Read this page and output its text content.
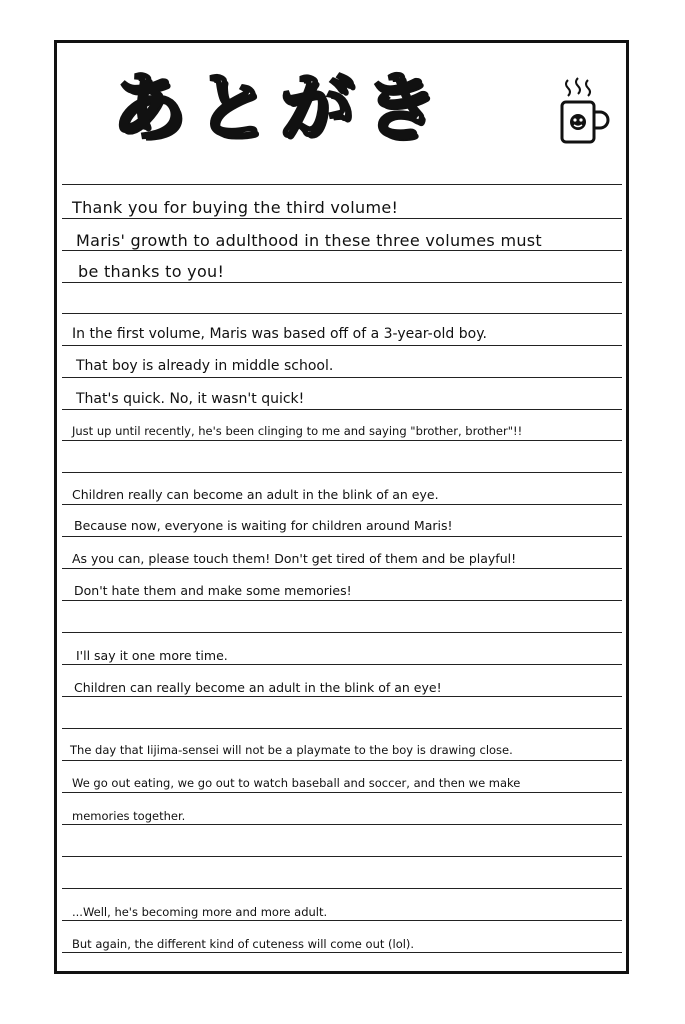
あとがき
Thank you for buying the third volume!
Maris' growth to adulthood in these three volumes must
be thanks to you!
In the first volume, Maris was based off of a 3-year-old boy.
That boy is already in middle school.
That's quick. No, it wasn't quick!
Just up until recently, he's been clinging to me and saying "brother, brother"!!
Children really can become an adult in the blink of an eye.
Because now, everyone is waiting for children around Maris!
As you can, please touch them! Don't get tired of them and be playful!
Don't hate them and make some memories!
I'll say it one more time.
Children can really become an adult in the blink of an eye!
The day that Iijima-sensei will not be a playmate to the boy is drawing close.
We go out eating, we go out to watch baseball and soccer, and then we make
memories together.
...Well, he's becoming more and more adult.
But again, the different kind of cuteness will come out (lol).
